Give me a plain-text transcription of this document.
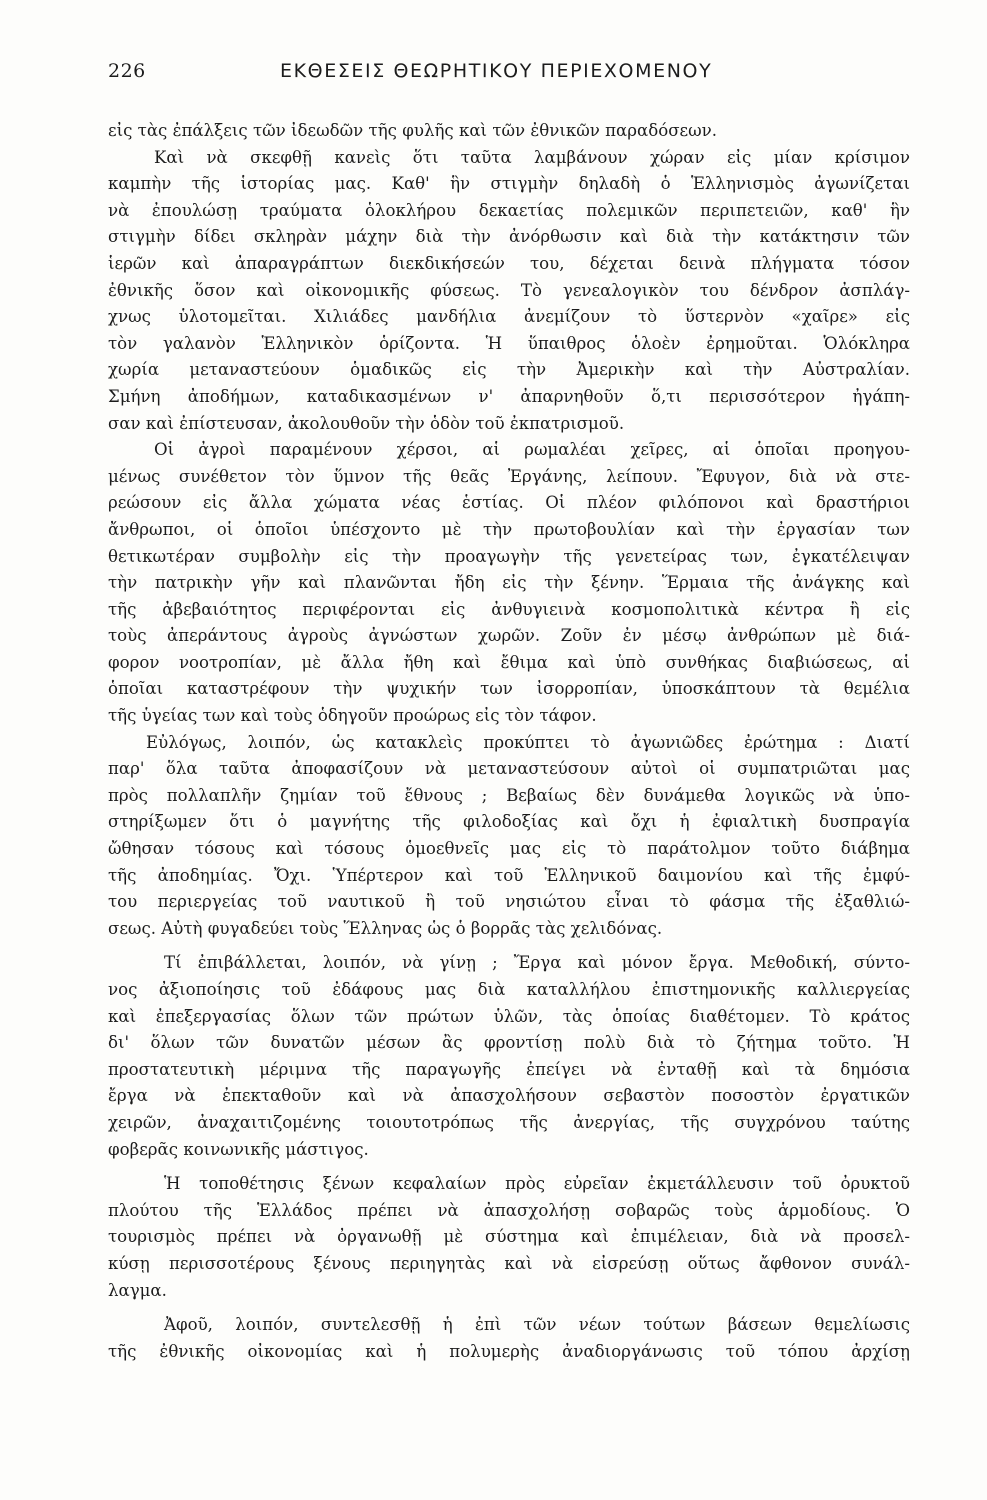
226	ΕΚΘΕΣΕΙΣ ΘΕΩΡΗΤΙΚΟΥ ΠΕΡΙΕΧΟΜΕΝΟΥ
εἰς τὰς ἐπάλξεις τῶν ἰδεωδῶν τῆς φυλῆς καὶ τῶν ἐθνικῶν παραδόσεων.
Καὶ νὰ σκεφθῇ κανεὶς ὅτι ταῦτα λαμβάνουν χώραν εἰς μίαν κρίσιμον
καμπὴν τῆς ἱστορίας μας. Καθ' ἣν στιγμὴν δηλαδὴ ὁ Ἑλληνισμὸς ἀγωνίζεται
νὰ ἐπουλώσῃ τραύματα ὁλοκλήρου δεκαετίας πολεμικῶν περιπετειῶν, καθ' ἣν
στιγμὴν δίδει σκληρὰν μάχην διὰ τὴν ἀνόρθωσιν καὶ διὰ τὴν κατάκτησιν τῶν
ἱερῶν καὶ ἀπαραγράπτων διεκδικήσεών του, δέχεται δεινὰ πλήγματα τόσον
ἐθνικῆς ὅσον καὶ οἰκονομικῆς φύσεως. Τὸ γενεαλογικὸν του δένδρον ἀσπλάγ-
χνως ὑλοτομεῖται. Χιλιάδες μανδήλια ἀνεμίζουν τὸ ὕστερνὸν «χαῖρε» εἰς
τὸν γαλανὸν Ἑλληνικὸν ὁρίζοντα. Ἡ ὕπαιθρος ὁλοὲν ἐρημοῦται. Ὁλόκληρα
χωρία μεταναστεύουν ὁμαδικῶς εἰς τὴν Ἀμερικὴν καὶ τὴν Αὐστραλίαν.
Σμήνη ἀποδήμων, καταδικασμένων ν' ἀπαρνηθοῦν ὅ,τι περισσότερον ἠγάπη-
σαν καὶ ἐπίστευσαν, ἀκολουθοῦν τὴν ὁδὸν τοῦ ἐκπατρισμοῦ.
Οἱ ἀγροὶ παραμένουν χέρσοι, αἱ ρωμαλέαι χεῖρες, αἱ ὁποῖαι προηγου-
μένως συνέθετον τὸν ὕμνον τῆς θεᾶς Ἐργάνης, λείπουν. Ἔφυγον, διὰ νὰ στε-
ρεώσουν εἰς ἄλλα χώματα νέας ἑστίας. Οἱ πλέον φιλόπονοι καὶ δραστήριοι
ἄνθρωποι, οἱ ὁποῖοι ὑπέσχοντο μὲ τὴν πρωτοβουλίαν καὶ τὴν ἐργασίαν των
θετικωτέραν συμβολὴν εἰς τὴν προαγωγὴν τῆς γενετείρας των, ἐγκατέλειψαν
τὴν πατρικὴν γῆν καὶ πλανῶνται ἤδη εἰς τὴν ξένην. Ἕρμαια τῆς ἀνάγκης καὶ
τῆς ἀβεβαιότητος περιφέρονται εἰς ἀνθυγιεινὰ κοσμοπολιτικὰ κέντρα ἢ εἰς
τοὺς ἀπεράντους ἀγροὺς ἀγνώστων χωρῶν. Ζοῦν ἐν μέσῳ ἀνθρώπων μὲ διά-
φορον νοοτροπίαν, μὲ ἄλλα ἤθη καὶ ἔθιμα καὶ ὑπὸ συνθήκας διαβιώσεως, αἱ
ὁποῖαι καταστρέφουν τὴν ψυχικήν των ἰσορροπίαν, ὑποσκάπτουν τὰ θεμέλια
τῆς ὑγείας των καὶ τοὺς ὁδηγοῦν προώρως εἰς τὸν τάφον.
Εὐλόγως, λοιπόν, ὡς κατακλεὶς προκύπτει τὸ ἀγωνιῶδες ἐρώτημα : Διατί
παρ' ὅλα ταῦτα ἀποφασίζουν νὰ μεταναστεύσουν αὐτοὶ οἱ συμπατριῶται μας
πρὸς πολλαπλῆν ζημίαν τοῦ ἔθνους ; Βεβαίως δὲν δυνάμεθα λογικῶς νὰ ὑπο-
στηρίξωμεν ὅτι ὁ μαγνήτης τῆς φιλοδοξίας καὶ ὄχι ἡ ἐφιαλτικὴ δυσπραγία
ὤθησαν τόσους καὶ τόσους ὁμοεθνεῖς μας εἰς τὸ παράτολμον τοῦτο διάβημα
τῆς ἀποδημίας. Ὄχι. Ὑπέρτερον καὶ τοῦ Ἑλληνικοῦ δαιμονίου καὶ τῆς ἐμφύ-
του περιεργείας τοῦ ναυτικοῦ ἢ τοῦ νησιώτου εἶναι τὸ φάσμα τῆς ἐξαθλιώ-
σεως. Αὐτὴ φυγαδεύει τοὺς Ἕλληνας ὡς ὁ βορρᾶς τὰς χελιδόνας.
Τί ἐπιβάλλεται, λοιπόν, νὰ γίνῃ ; Ἔργα καὶ μόνον ἔργα. Μεθοδική, σύντο-
νος ἀξιοποίησις τοῦ ἐδάφους μας διὰ καταλλήλου ἐπιστημονικῆς καλλιεργείας
καὶ ἐπεξεργασίας ὅλων τῶν πρώτων ὑλῶν, τὰς ὁποίας διαθέτομεν. Τὸ κράτος
δι' ὅλων τῶν δυνατῶν μέσων ἂς φροντίσῃ πολὺ διὰ τὸ ζήτημα τοῦτο. Ἡ
προστατευτικὴ μέριμνα τῆς παραγωγῆς ἐπείγει νὰ ἐνταθῇ καὶ τὰ δημόσια
ἔργα νὰ ἐπεκταθοῦν καὶ νὰ ἀπασχολήσουν σεβαστὸν ποσοστὸν ἐργατικῶν
χειρῶν, ἀναχαιτιζομένης τοιουτοτρόπως τῆς ἀνεργίας, τῆς συγχρόνου ταύτης
φοβερᾶς κοινωνικῆς μάστιγος.
Ἡ τοποθέτησις ξένων κεφαλαίων πρὸς εὐρεῖαν ἐκμετάλλευσιν τοῦ ὀρυκτοῦ
πλούτου τῆς Ἑλλάδος πρέπει νὰ ἀπασχολήσῃ σοβαρῶς τοὺς ἁρμοδίους. Ὁ
τουρισμὸς πρέπει νὰ ὀργανωθῇ μὲ σύστημα καὶ ἐπιμέλειαν, διὰ νὰ προσελ-
κύσῃ περισσοτέρους ξένους περιηγητὰς καὶ νὰ εἰσρεύσῃ οὕτως ἄφθονον συνάλ-
λαγμα.
Ἀφοῦ, λοιπόν, συντελεσθῇ ἡ ἐπὶ τῶν νέων τούτων βάσεων θεμελίωσις
τῆς ἐθνικῆς οἰκονομίας καὶ ἡ πολυμερὴς ἀναδιοργάνωσις τοῦ τόπου ἀρχίσῃ
